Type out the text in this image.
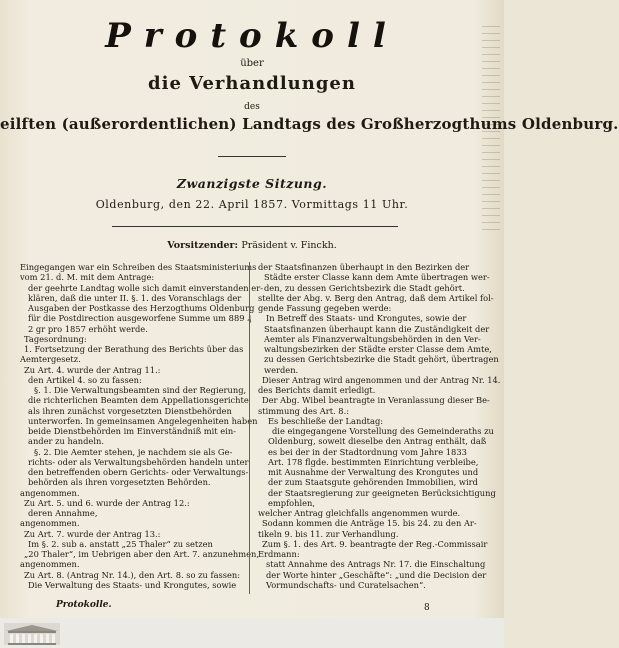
Protokoll
über
die Verhandlungen
des
eilften (außerordentlichen) Landtags des Großherzogthums Oldenburg.
Zwanzigste Sitzung.
Oldenburg, den 22. April 1857. Vormittags 11 Uhr.
Vorsitzender: Präsident v. Finckh.
Eingegangen war ein Schreiben des Staatsministeriums
vom 21. d. M. mit dem Antrage:
der geehrte Landtag wolle sich damit einverstanden er-
klären, daß die unter II. §. 1. des Voranschlags der
Ausgaben der Postkasse des Herzogthums Oldenburg
für die Postdirection ausgeworfene Summe um 889 ₰
2 gr pro 1857 erhöht werde.
Tagesordnung:
1. Fortsetzung der Berathung des Berichts über das
Aemtergesetz.
Zu Art. 4. wurde der Antrag 11.:
den Artikel 4. so zu fassen:
§. 1. Die Verwaltungsbeamten sind der Regierung,
die richterlichen Beamten dem Appellationsgerichte
als ihren zunächst vorgesetzten Dienstbehörden
unterworfen. In gemeinsamen Angelegenheiten haben
beide Dienstbehörden im Einverständniß mit ein-
ander zu handeln.
§. 2. Die Aemter stehen, je nachdem sie als Ge-
richts- oder als Verwaltungsbehörden handeln unter
den betreffenden obern Gerichts- oder Verwaltungs-
behörden als ihren vorgesetzten Behörden.
angenommen.
Zu Art. 5. und 6. wurde der Antrag 12.:
deren Annahme,
angenommen.
Zu Art. 7. wurde der Antrag 13.:
Im §. 2. sub a. anstatt „25 Thaler“ zu setzen
„20 Thaler“, im Uebrigen aber den Art. 7. anzunehmen,
angenommen.
Zu Art. 8. (Antrag Nr. 14.), den Art. 8. so zu fassen:
Die Verwaltung des Staats- und Krongutes, sowie
der Staatsfinanzen überhaupt in den Bezirken der
Städte erster Classe kann dem Amte übertragen wer-
den, zu dessen Gerichtsbezirk die Stadt gehört.
stellte der Abg. v. Berg den Antrag, daß dem Artikel fol-
gende Fassung gegeben werde:
In Betreff des Staats- und Krongutes, sowie der
Staatsfinanzen überhaupt kann die Zuständigkeit der
Aemter als Finanzverwaltungsbehörden in den Ver-
waltungsbezirken der Städte erster Classe dem Amte,
zu dessen Gerichtsbezirke die Stadt gehört, übertragen
werden.
Dieser Antrag wird angenommen und der Antrag Nr. 14.
des Berichts damit erledigt.
Der Abg. Wibel beantragte in Veranlassung dieser Be-
stimmung des Art. 8.:
Es beschließe der Landtag:
die eingegangene Vorstellung des Gemeinderaths zu
Oldenburg, soweit dieselbe den Antrag enthält, daß
es bei der in der Stadtordnung vom Jahre 1833
Art. 178 flgde. bestimmten Einrichtung verbleibe,
mit Ausnahme der Verwaltung des Krongutes und
der zum Staatsgute gehörenden Immobilien, wird
der Staatsregierung zur geeigneten Berücksichtigung
empfohlen,
welcher Antrag gleichfalls angenommen wurde.
Sodann kommen die Anträge 15. bis 24. zu den Ar-
tikeln 9. bis 11. zur Verhandlung.
Zum §. 1. des Art. 9. beantragte der Reg.-Commissair
Erdmann:
statt Annahme des Antrags Nr. 17. die Einschaltung
der Worte hinter „Geschäfte“: „und die Decision der
Vormundschafts- und Curatelsachen“.
Protokolle.	8
